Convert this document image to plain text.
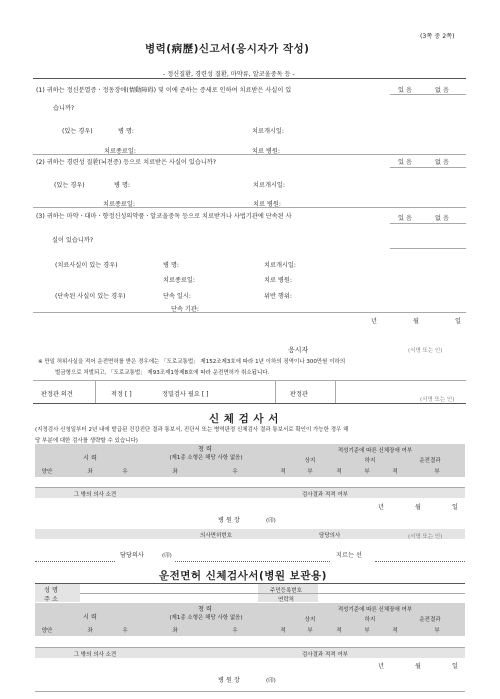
(3쪽 중 2쪽)
병력(病歷)신고서(응시자가 작성)
- 정신질환, 경련성 질환, 마약류, 알코올중독 등 -
(1) 귀하는 정신분열증ㆍ정동장애(情動障碍) 및 이에 준하는 증세로 인하여 치료받은 사실이 있
습니까?
있 음	없 음
(있는 경우)	병 명:	치료개시일:
치료종료일:	치료 병원:
(2) 귀하는 경련성 질환(뇌전증) 등으로 치료받은 사실이 있습니까?	있 음	없 음
(있는 경우)	병 명:	치료개시일:
치료종료일:	치료 병원:
(3) 귀하는 마약ㆍ대마ㆍ향정신성의약품ㆍ알코올중독 등으로 치료받거나 사법기관에 단속된 사
실이 있습니까?
있 음	없 음
(치료사실이 있는 경우)	병 명:	치료개시일:
치료종료일:	치료 병원:
(단속된 사실이 있는 경우)	단속 일시:	위반 행위:
단속 기관:
년	월	일
응시자	(서명 또는 인)
※ 만일 허위사실을 적어 운전면허를 받은 경우에는 「도로교통법」 제152조제3호에 따라 1년 이하의 징역이나 300만원 이하의
벌금형으로 처벌되고, 「도로교통법」 제93조제1항제8호에 따라 운전면허가 취소됩니다.
판정관 의견	적정 [ ]	정밀검사 필요 [ ]	판정관
(서명 또는 인)
신 체 검 사 서
(지정검사 신청일부터 2년 내에 발급된 건강진단 결과 통보서, 진단서 또는 병역판정 신체검사 결과 통보서로 확인이 가능한 경우 해
당 부분에 대한 검사를 생략할 수 있습니다)
시 력
청 력
(제1종 소형은 해당 사항 없음)
적성기준에 따른 신체장애 여부
상지	하지	운전결과
양안	좌	우	좌	우	적	부	적	부	적	부
그 밖의 의사 소견	검사결과 적격 여부
년	월	일
병 원 장	(印)
의사면허번호	담당의사	(서명 또는 인)
담당의사	(印)	지르는 선
운전면허 신체검사서(병원 보관용)
성 명
주 소
주민등록번호
연락처
시 력
청 력
(제1종 소형은 해당 사항 없음)
적성기준에 따른 신체장애 여부
상지	하지	운전결과
양안	좌	우	좌	우	적	부	적	부	적	부
그 밖의 의사 소견	검사결과 적격 여부
년	월	일
병 원 장	(印)
